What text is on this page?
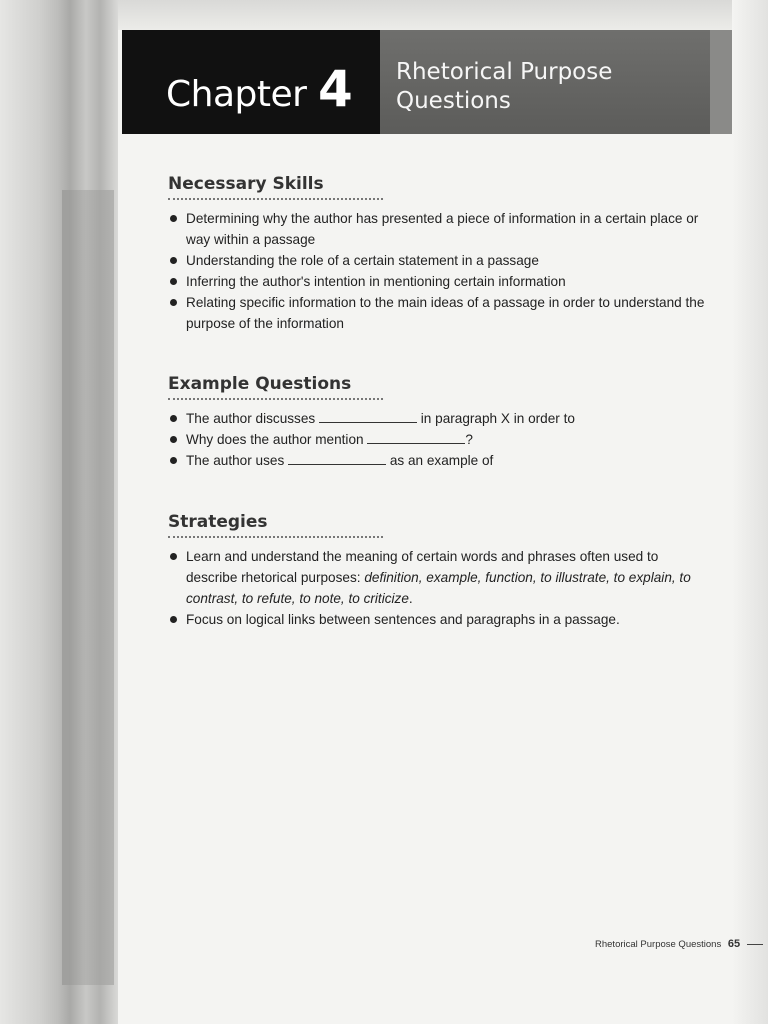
Chapter 4 Rhetorical Purpose
Questions
Necessary Skills
Determining why the author has presented a piece of information in a certain place or way within a passage
Understanding the role of a certain statement in a passage
Inferring the author's intention in mentioning certain information
Relating specific information to the main ideas of a passage in order to understand the purpose of the information
Example Questions
The author discusses	in paragraph X in order to
Why does the author mention	?
The author uses	as an example of
Strategies
Learn and understand the meaning of certain words and phrases often used to describe rhetorical purposes: definition, example, function, to illustrate, to explain, to contrast, to refute, to note, to criticize.
Focus on logical links between sentences and paragraphs in a passage.
Rhetorical Purpose Questions 65
